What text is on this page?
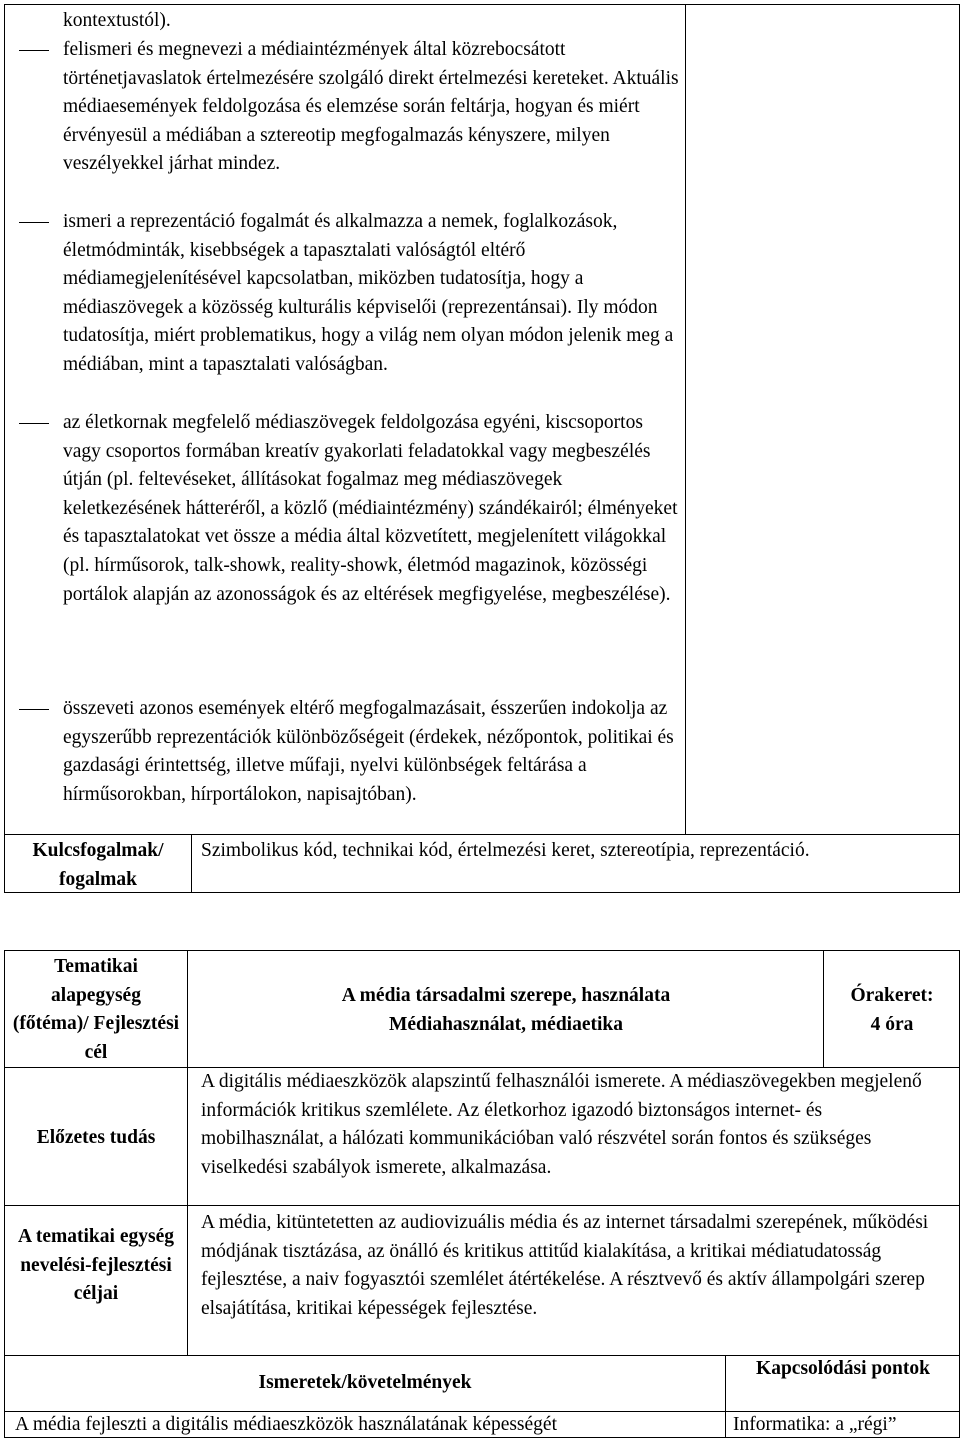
kontextustól).
felismeri és megnevezi a médiaintézmények által közrebocsátott történetjavaslatok értelmezésére szolgáló direkt értelmezési kereteket. Aktuális médiaesemények feldolgozása és elemzése során feltárja, hogyan és miért érvényesül a médiában a sztereotip megfogalmazás kényszere, milyen veszélyekkel járhat mindez.
ismeri a reprezentáció fogalmát és alkalmazza a nemek, foglalkozások, életmódminták, kisebbségek a tapasztalati valóságtól eltérő médiamegjelenítésével kapcsolatban, miközben tudatosítja, hogy a médiaszövegek a közösség kulturális képviselői (reprezentánsai). Ily módon tudatosítja, miért problematikus, hogy a világ nem olyan módon jelenik meg a médiában, mint a tapasztalati valóságban.
az életkornak megfelelő médiaszövegek feldolgozása egyéni, kiscsoportos vagy csoportos formában kreatív gyakorlati feladatokkal vagy megbeszélés útján (pl. feltevéseket, állításokat fogalmaz meg médiaszövegek keletkezésének hátteréről, a közlő (médiaintézmény) szándékairól; élményeket és tapasztalatokat vet össze a média által közvetített, megjelenített világokkal (pl. hírműsorok, talk-showk, reality-showk, életmód magazinok, közösségi portálok alapján az azonosságok és az eltérések megfigyelése, megbeszélése).
összeveti azonos események eltérő megfogalmazásait, ésszerűen indokolja az egyszerűbb reprezentációk különbözőségeit (érdekek, nézőpontok, politikai és gazdasági érintettség, illetve műfaji, nyelvi különbségek feltárása a hírműsorokban, hírportálokon, napisajtóban).
Kulcsfogalmak/
fogalmak
Szimbolikus kód, technikai kód, értelmezési keret, sztereotípia, reprezentáció.
Tematikai alapegység (főtéma)/ Fejlesztési cél
A média társadalmi szerepe, használata
Médiahasználat, médiaetika
Órakeret:
4 óra
Előzetes tudás
A digitális médiaeszközök alapszintű felhasználói ismerete. A médiaszövegekben megjelenő információk kritikus szemlélete. Az életkorhoz igazodó biztonságos internet- és mobilhasználat, a hálózati kommunikációban való részvétel során fontos és szükséges viselkedési szabályok ismerete, alkalmazása.
A tematikai egység nevelési-fejlesztési céljai
A média, kitüntetetten az audiovizuális média és az internet társadalmi szerepének, működési módjának tisztázása, az önálló és kritikus attitűd kialakítása, a kritikai médiatudatosság fejlesztése, a naiv fogyasztói szemlélet átértékelése. A résztvevő és aktív állampolgári szerep elsajátítása, kritikai képességek fejlesztése.
Ismeretek/követelmények
Kapcsolódási pontok
A média fejleszti a digitális médiaeszközök használatának képességét	Informatika: a „régi”
